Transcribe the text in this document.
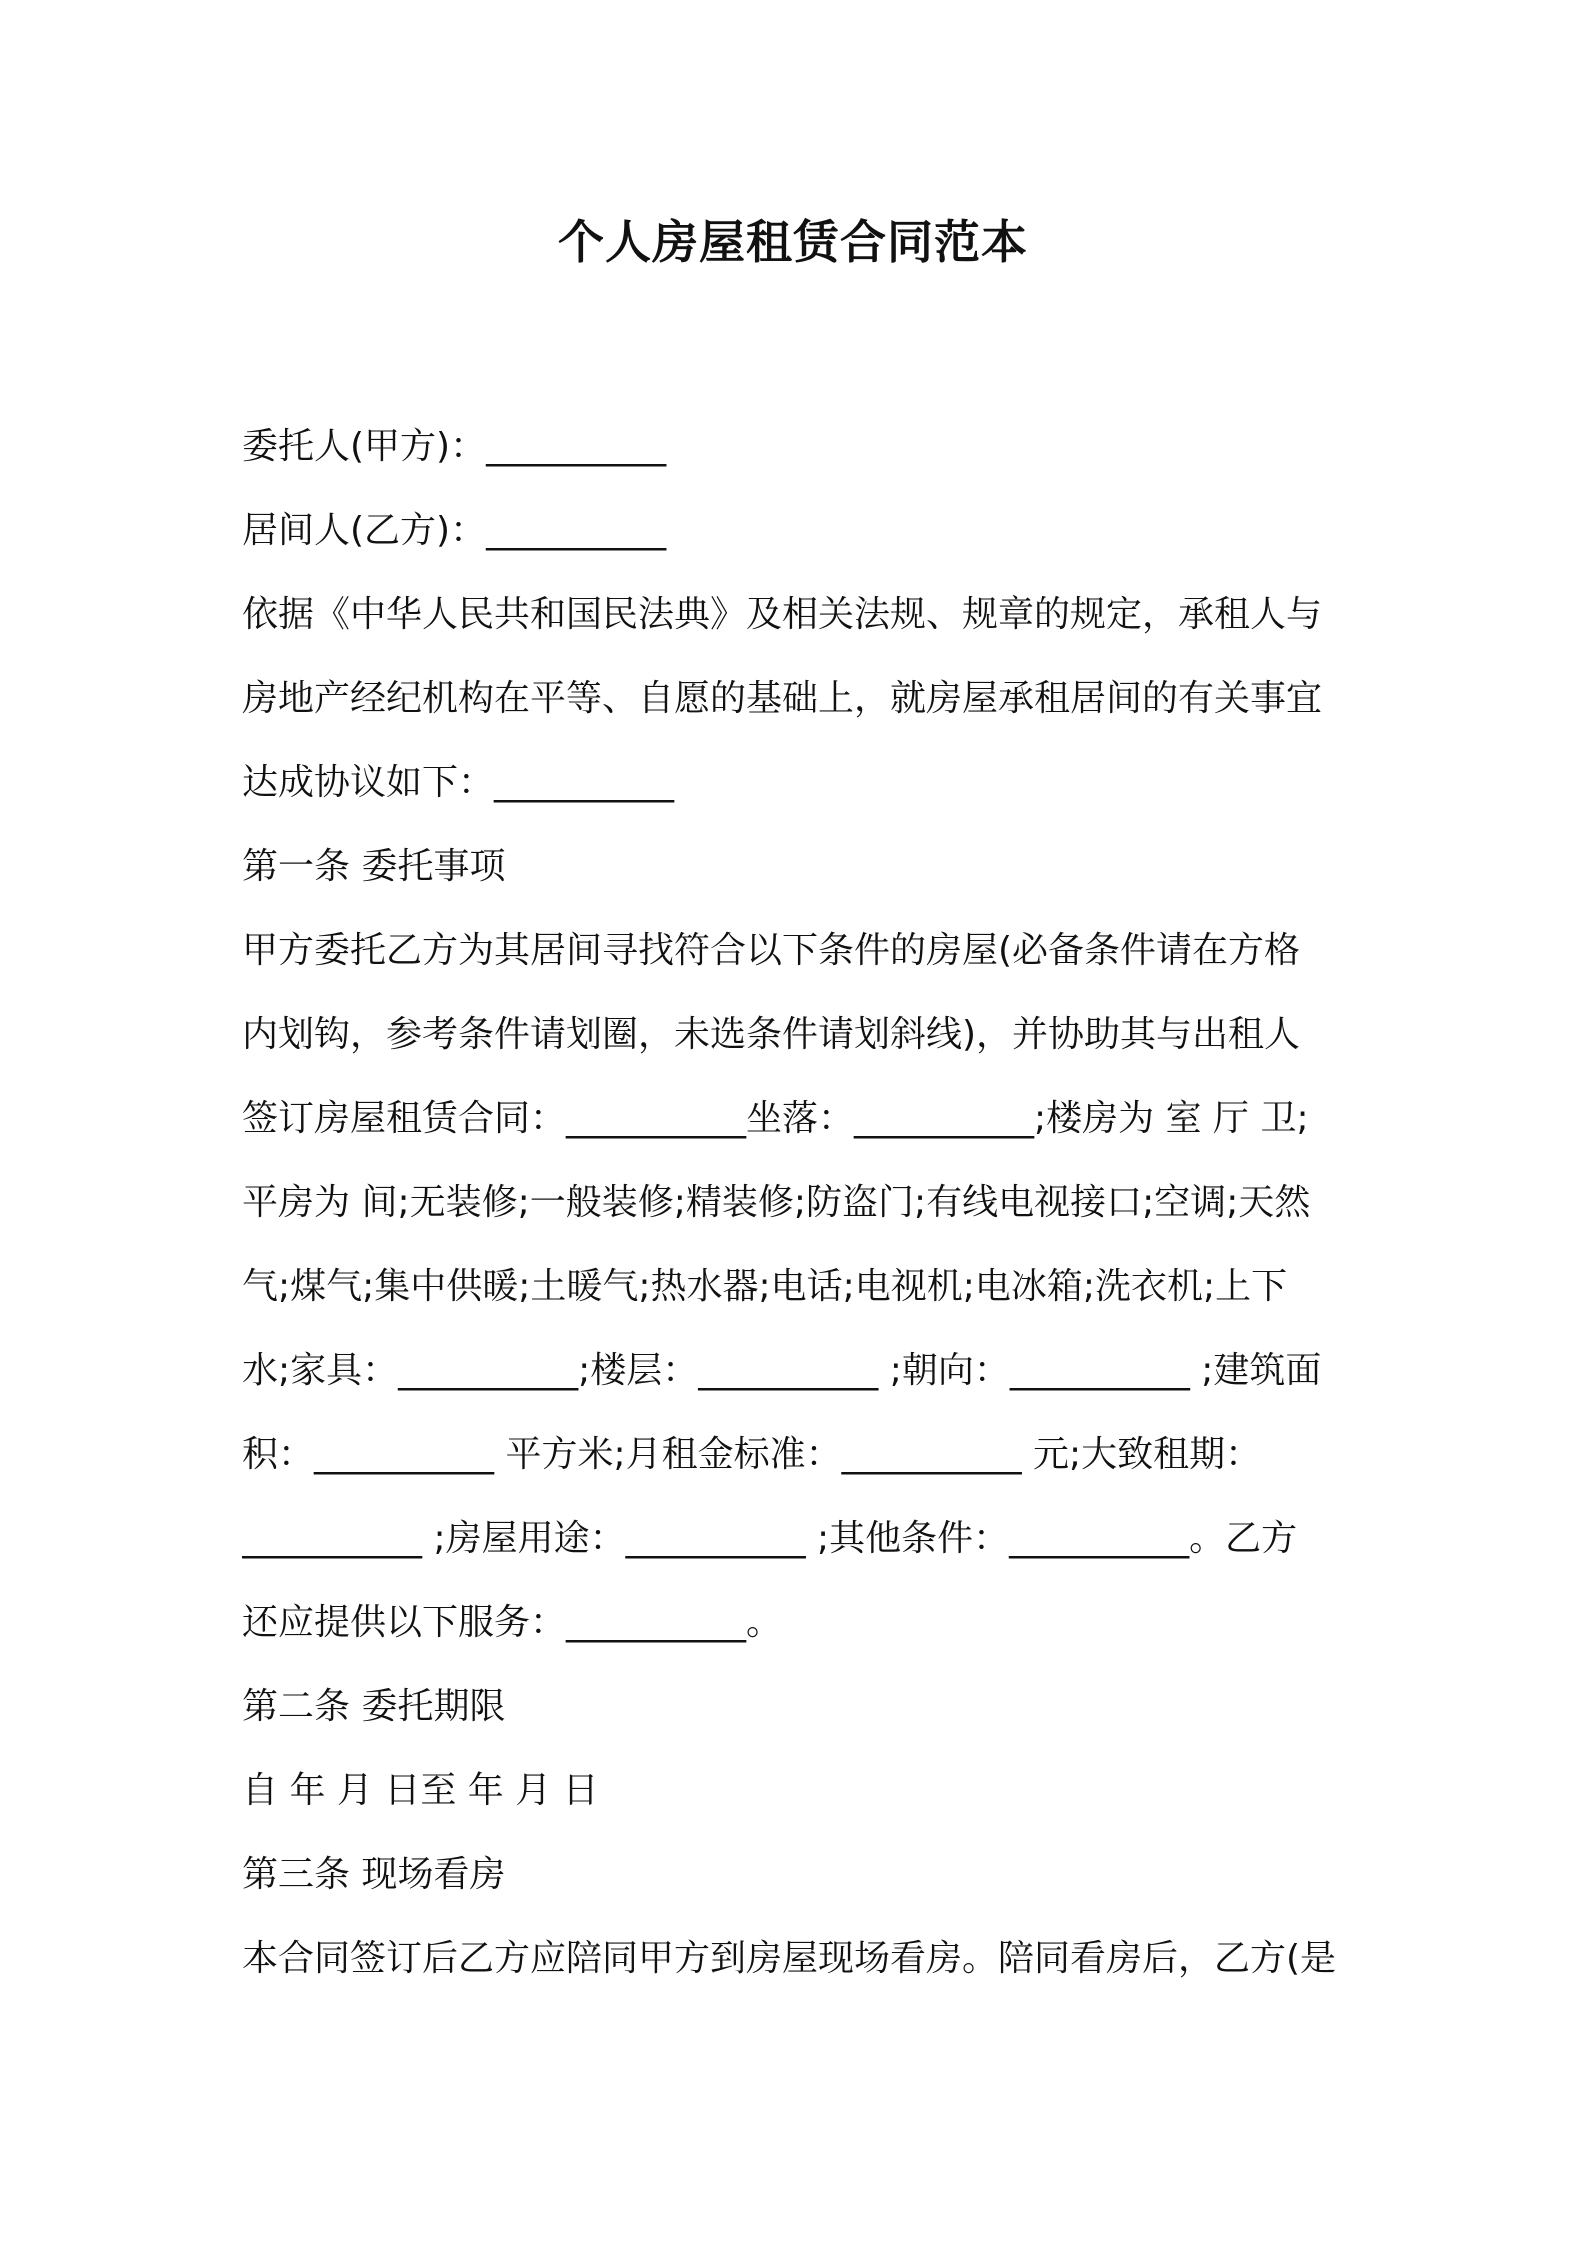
个人房屋租赁合同范本
委托人(甲方)：__________
居间人(乙方)：__________
依据《中华人民共和国民法典》及相关法规、规章的规定，承租人与
房地产经纪机构在平等、自愿的基础上，就房屋承租居间的有关事宜
达成协议如下：__________
第一条 委托事项
甲方委托乙方为其居间寻找符合以下条件的房屋(必备条件请在方格
内划钩，参考条件请划圈，未选条件请划斜线)，并协助其与出租人
签订房屋租赁合同：__________坐落：__________;楼房为 室 厅 卫;
平房为 间;无装修;一般装修;精装修;防盗门;有线电视接口;空调;天然
气;煤气;集中供暖;土暖气;热水器;电话;电视机;电冰箱;洗衣机;上下
水;家具：__________;楼层：__________ ;朝向：__________ ;建筑面
积：__________ 平方米;月租金标准：__________ 元;大致租期：
__________ ;房屋用途：__________ ;其他条件：__________。乙方
还应提供以下服务：__________。
第二条 委托期限
自 年 月 日至 年 月 日
第三条 现场看房
本合同签订后乙方应陪同甲方到房屋现场看房。陪同看房后，乙方(是
